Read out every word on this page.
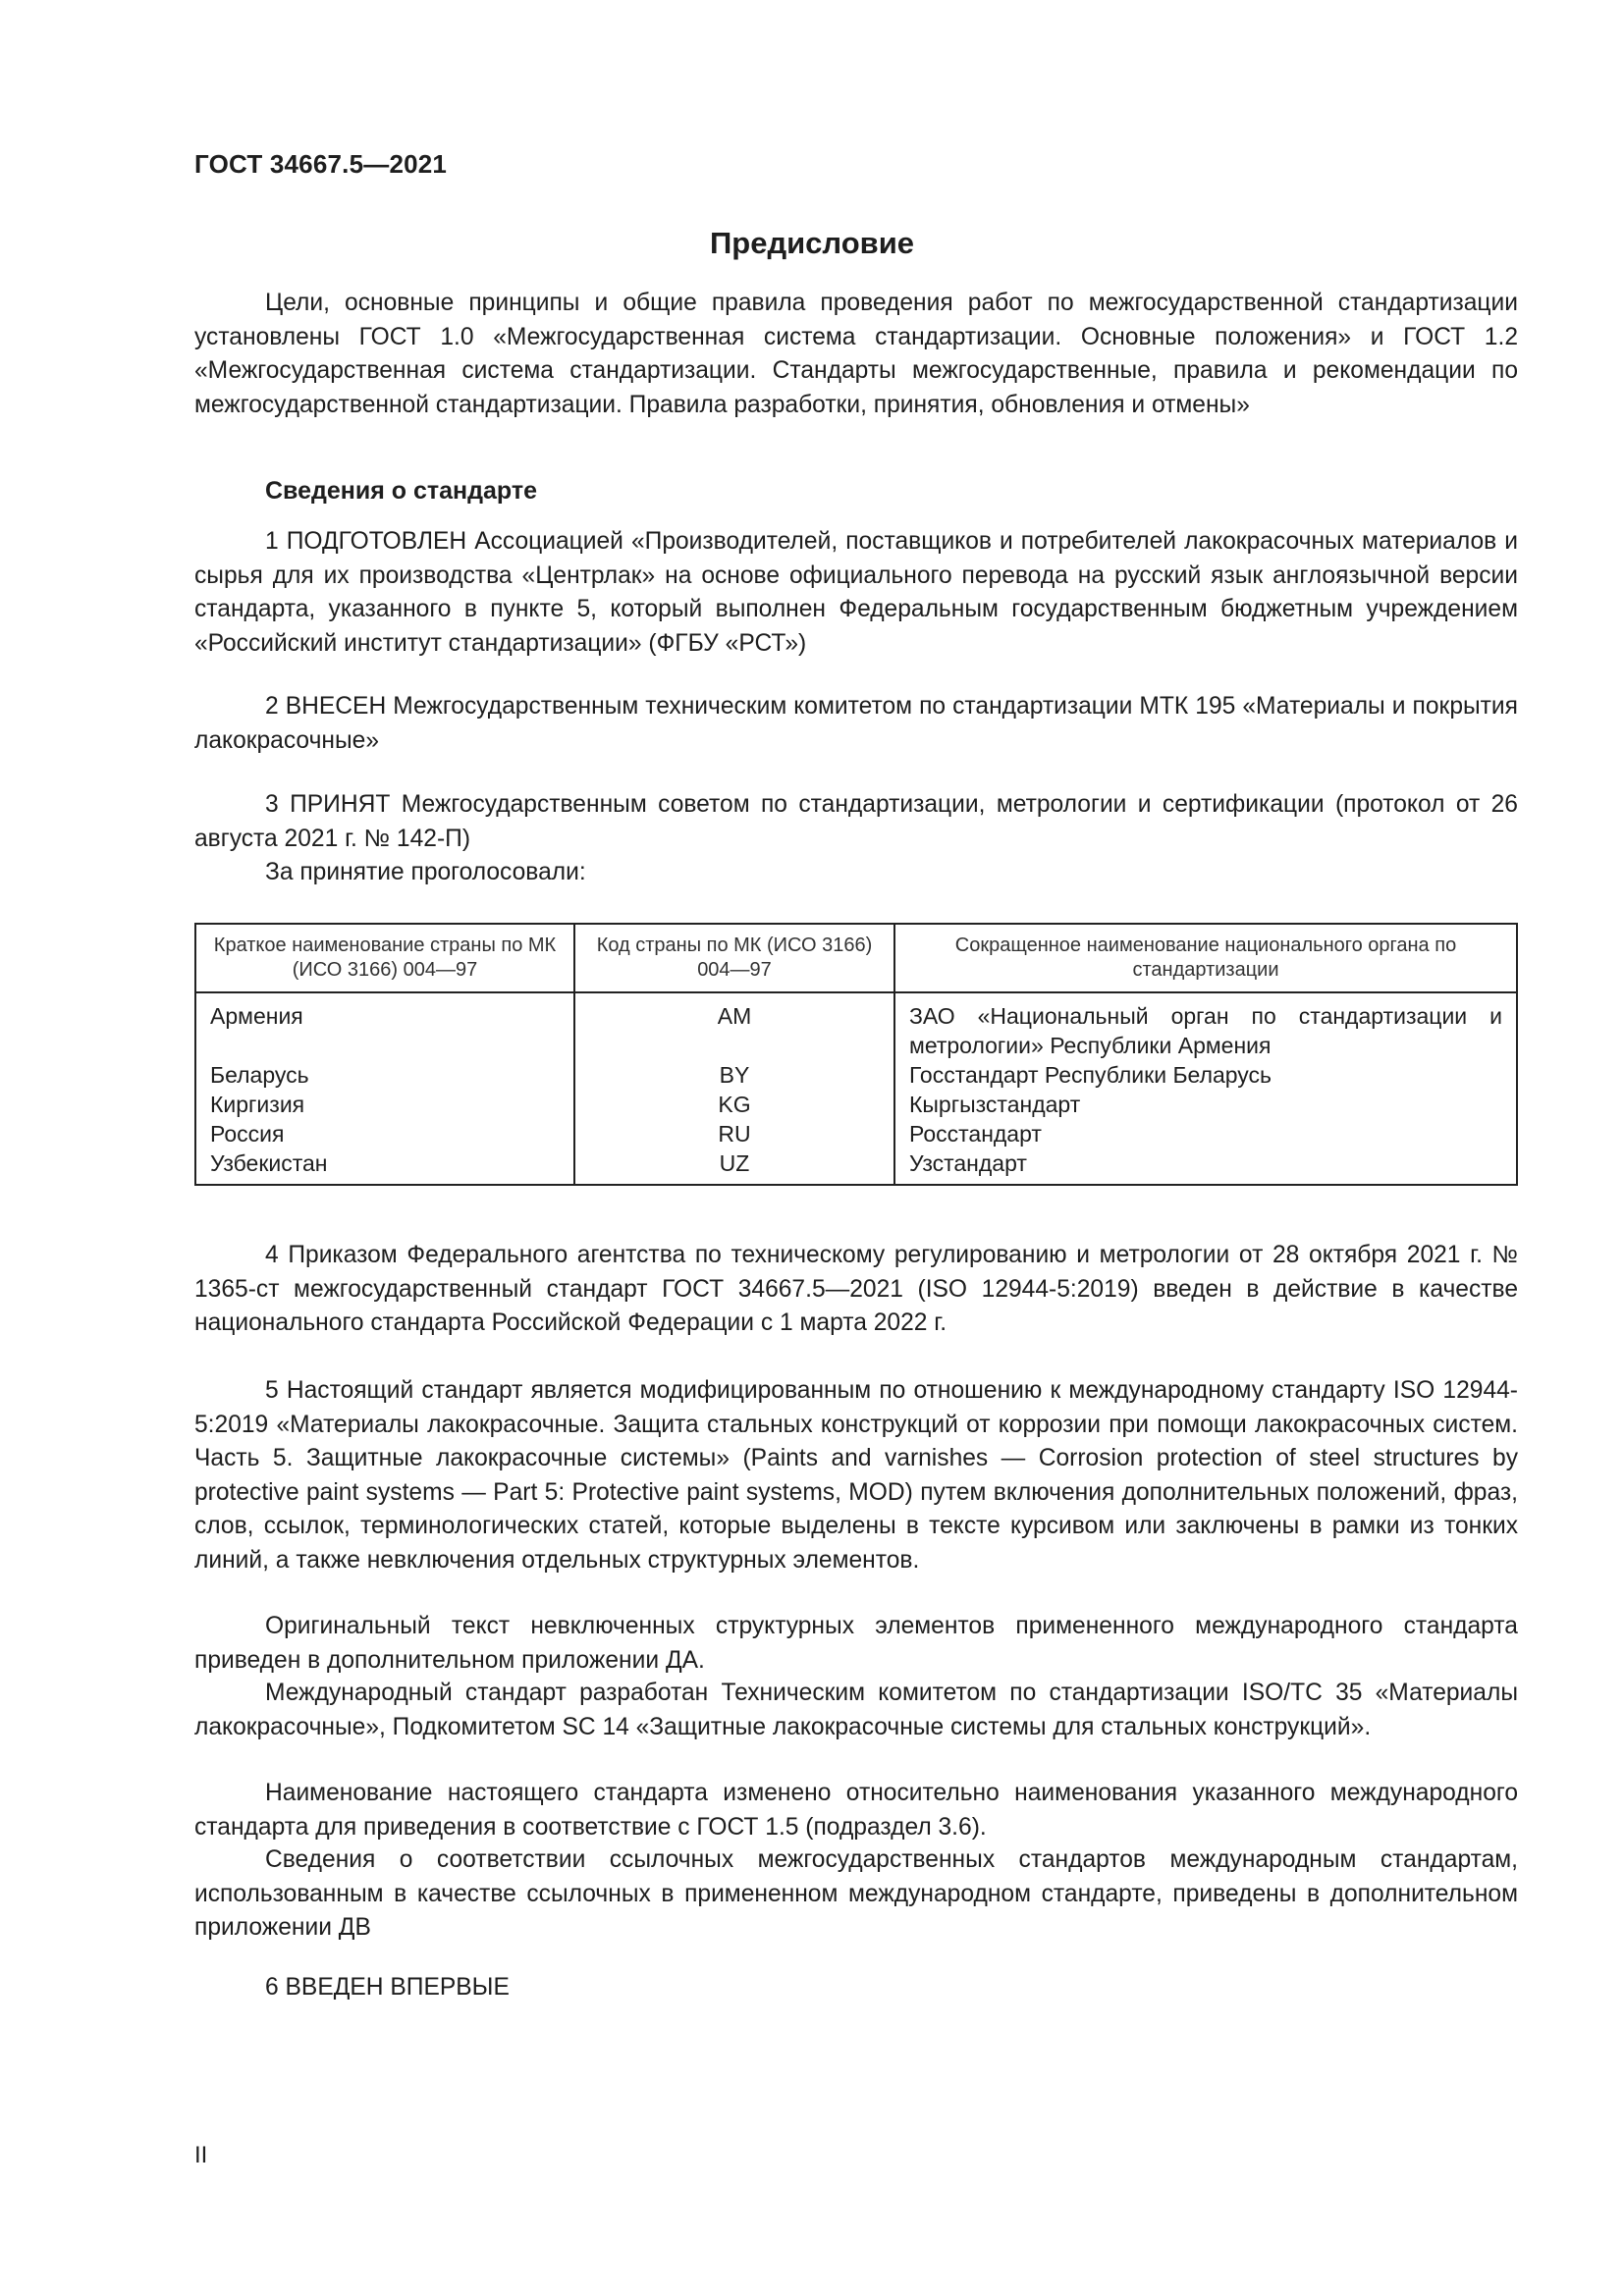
ГОСТ 34667.5—2021
Предисловие

Цели, основные принципы и общие правила проведения работ по межгосударственной стандартизации установлены ГОСТ 1.0 «Межгосударственная система стандартизации. Основные положения» и ГОСТ 1.2 «Межгосударственная система стандартизации. Стандарты межгосударственные, правила и рекомендации по межгосударственной стандартизации. Правила разработки, принятия, обновления и отмены»

Сведения о стандарте

1 ПОДГОТОВЛЕН Ассоциацией «Производителей, поставщиков и потребителей лакокрасочных материалов и сырья для их производства «Центрлак» на основе официального перевода на русский язык англоязычной версии стандарта, указанного в пункте 5, который выполнен Федеральным государственным бюджетным учреждением «Российский институт стандартизации» (ФГБУ «РСТ»)

2 ВНЕСЕН Межгосударственным техническим комитетом по стандартизации МТК 195 «Материалы и покрытия лакокрасочные»

3 ПРИНЯТ Межгосударственным советом по стандартизации, метрологии и сертификации (протокол от 26 августа 2021 г. № 142-П)

За принятие проголосовали:
Краткое наименование страны по МК (ИСО 3166) 004—97	Код страны по МК (ИСО 3166) 004—97	Сокращенное наименование национального органа по стандартизации
Армения	AM	ЗАО «Национальный орган по стандартизации и метрологии» Республики Армения
Беларусь	BY	Госстандарт Республики Беларусь
Киргизия	KG	Кыргызстандарт
Россия	RU	Росстандарт
Узбекистан	UZ	Узстандарт

4 Приказом Федерального агентства по техническому регулированию и метрологии от 28 октября 2021 г. № 1365-ст межгосударственный стандарт ГОСТ 34667.5—2021 (ISO 12944-5:2019) введен в действие в качестве национального стандарта Российской Федерации с 1 марта 2022 г.

5 Настоящий стандарт является модифицированным по отношению к международному стандарту ISO 12944-5:2019 «Материалы лакокрасочные. Защита стальных конструкций от коррозии при помощи лакокрасочных систем. Часть 5. Защитные лакокрасочные системы» (Paints and varnishes — Corrosion protection of steel structures by protective paint systems — Part 5: Protective paint systems, MOD) путем включения дополнительных положений, фраз, слов, ссылок, терминологических статей, которые выделены в тексте курсивом или заключены в рамки из тонких линий, а также невключения отдельных структурных элементов.

Оригинальный текст невключенных структурных элементов примененного международного стандарта приведен в дополнительном приложении ДА.

Международный стандарт разработан Техническим комитетом по стандартизации ISO/TC 35 «Материалы лакокрасочные», Подкомитетом SC 14 «Защитные лакокрасочные системы для стальных конструкций».

Наименование настоящего стандарта изменено относительно наименования указанного международного стандарта для приведения в соответствие с ГОСТ 1.5 (подраздел 3.6).

Сведения о соответствии ссылочных межгосударственных стандартов международным стандартам, использованным в качестве ссылочных в примененном международном стандарте, приведены в дополнительном приложении ДВ

6 ВВЕДЕН ВПЕРВЫЕ

II
